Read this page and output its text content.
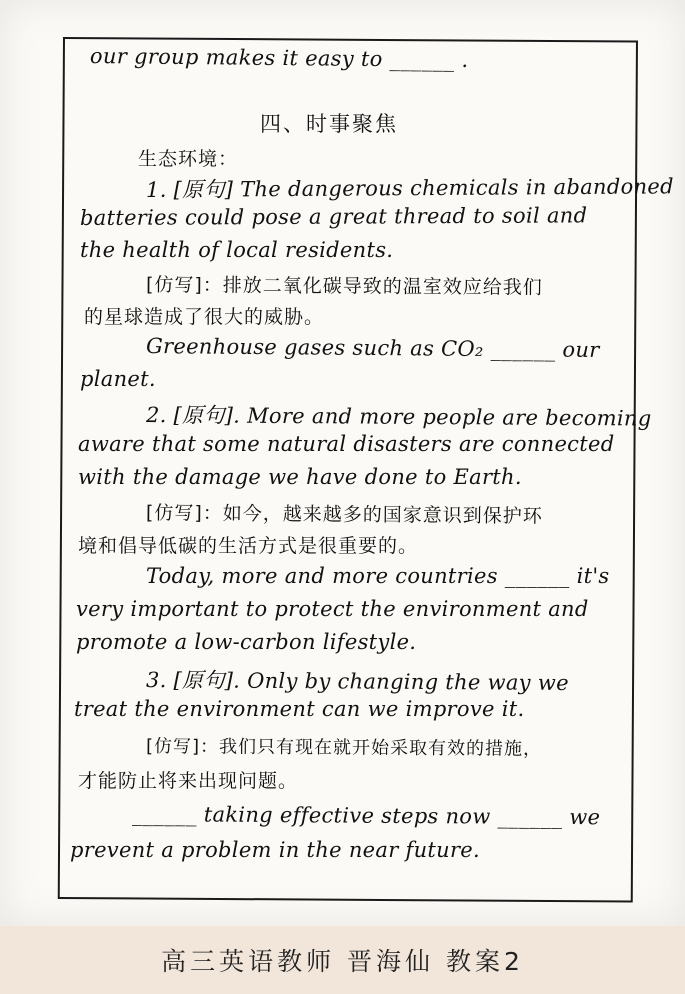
our group makes it easy to ______ .
四、时事聚焦
生态环境：
1. [原句] The dangerous chemicals in abandoned
batteries could pose a great thread to soil and
the health of local residents.
[仿写]：排放二氧化碳导致的温室效应给我们
的星球造成了很大的威胁。
Greenhouse gases such as CO₂ ______ our
planet.
2. [原句]. More and more people are becoming
aware that some natural disasters are connected
with the damage we have done to Earth.
[仿写]：如今，越来越多的国家意识到保护环
境和倡导低碳的生活方式是很重要的。
Today, more and more countries ______ it's
very important to protect the environment and
promote a low-carbon lifestyle.
3. [原句]. Only by changing the way we
treat the environment can we improve it.
[仿写]：我们只有现在就开始采取有效的措施，
才能防止将来出现问题。
______ taking effective steps now ______ we
prevent a problem in the near future.
高三英语教师 晋海仙 教案2
